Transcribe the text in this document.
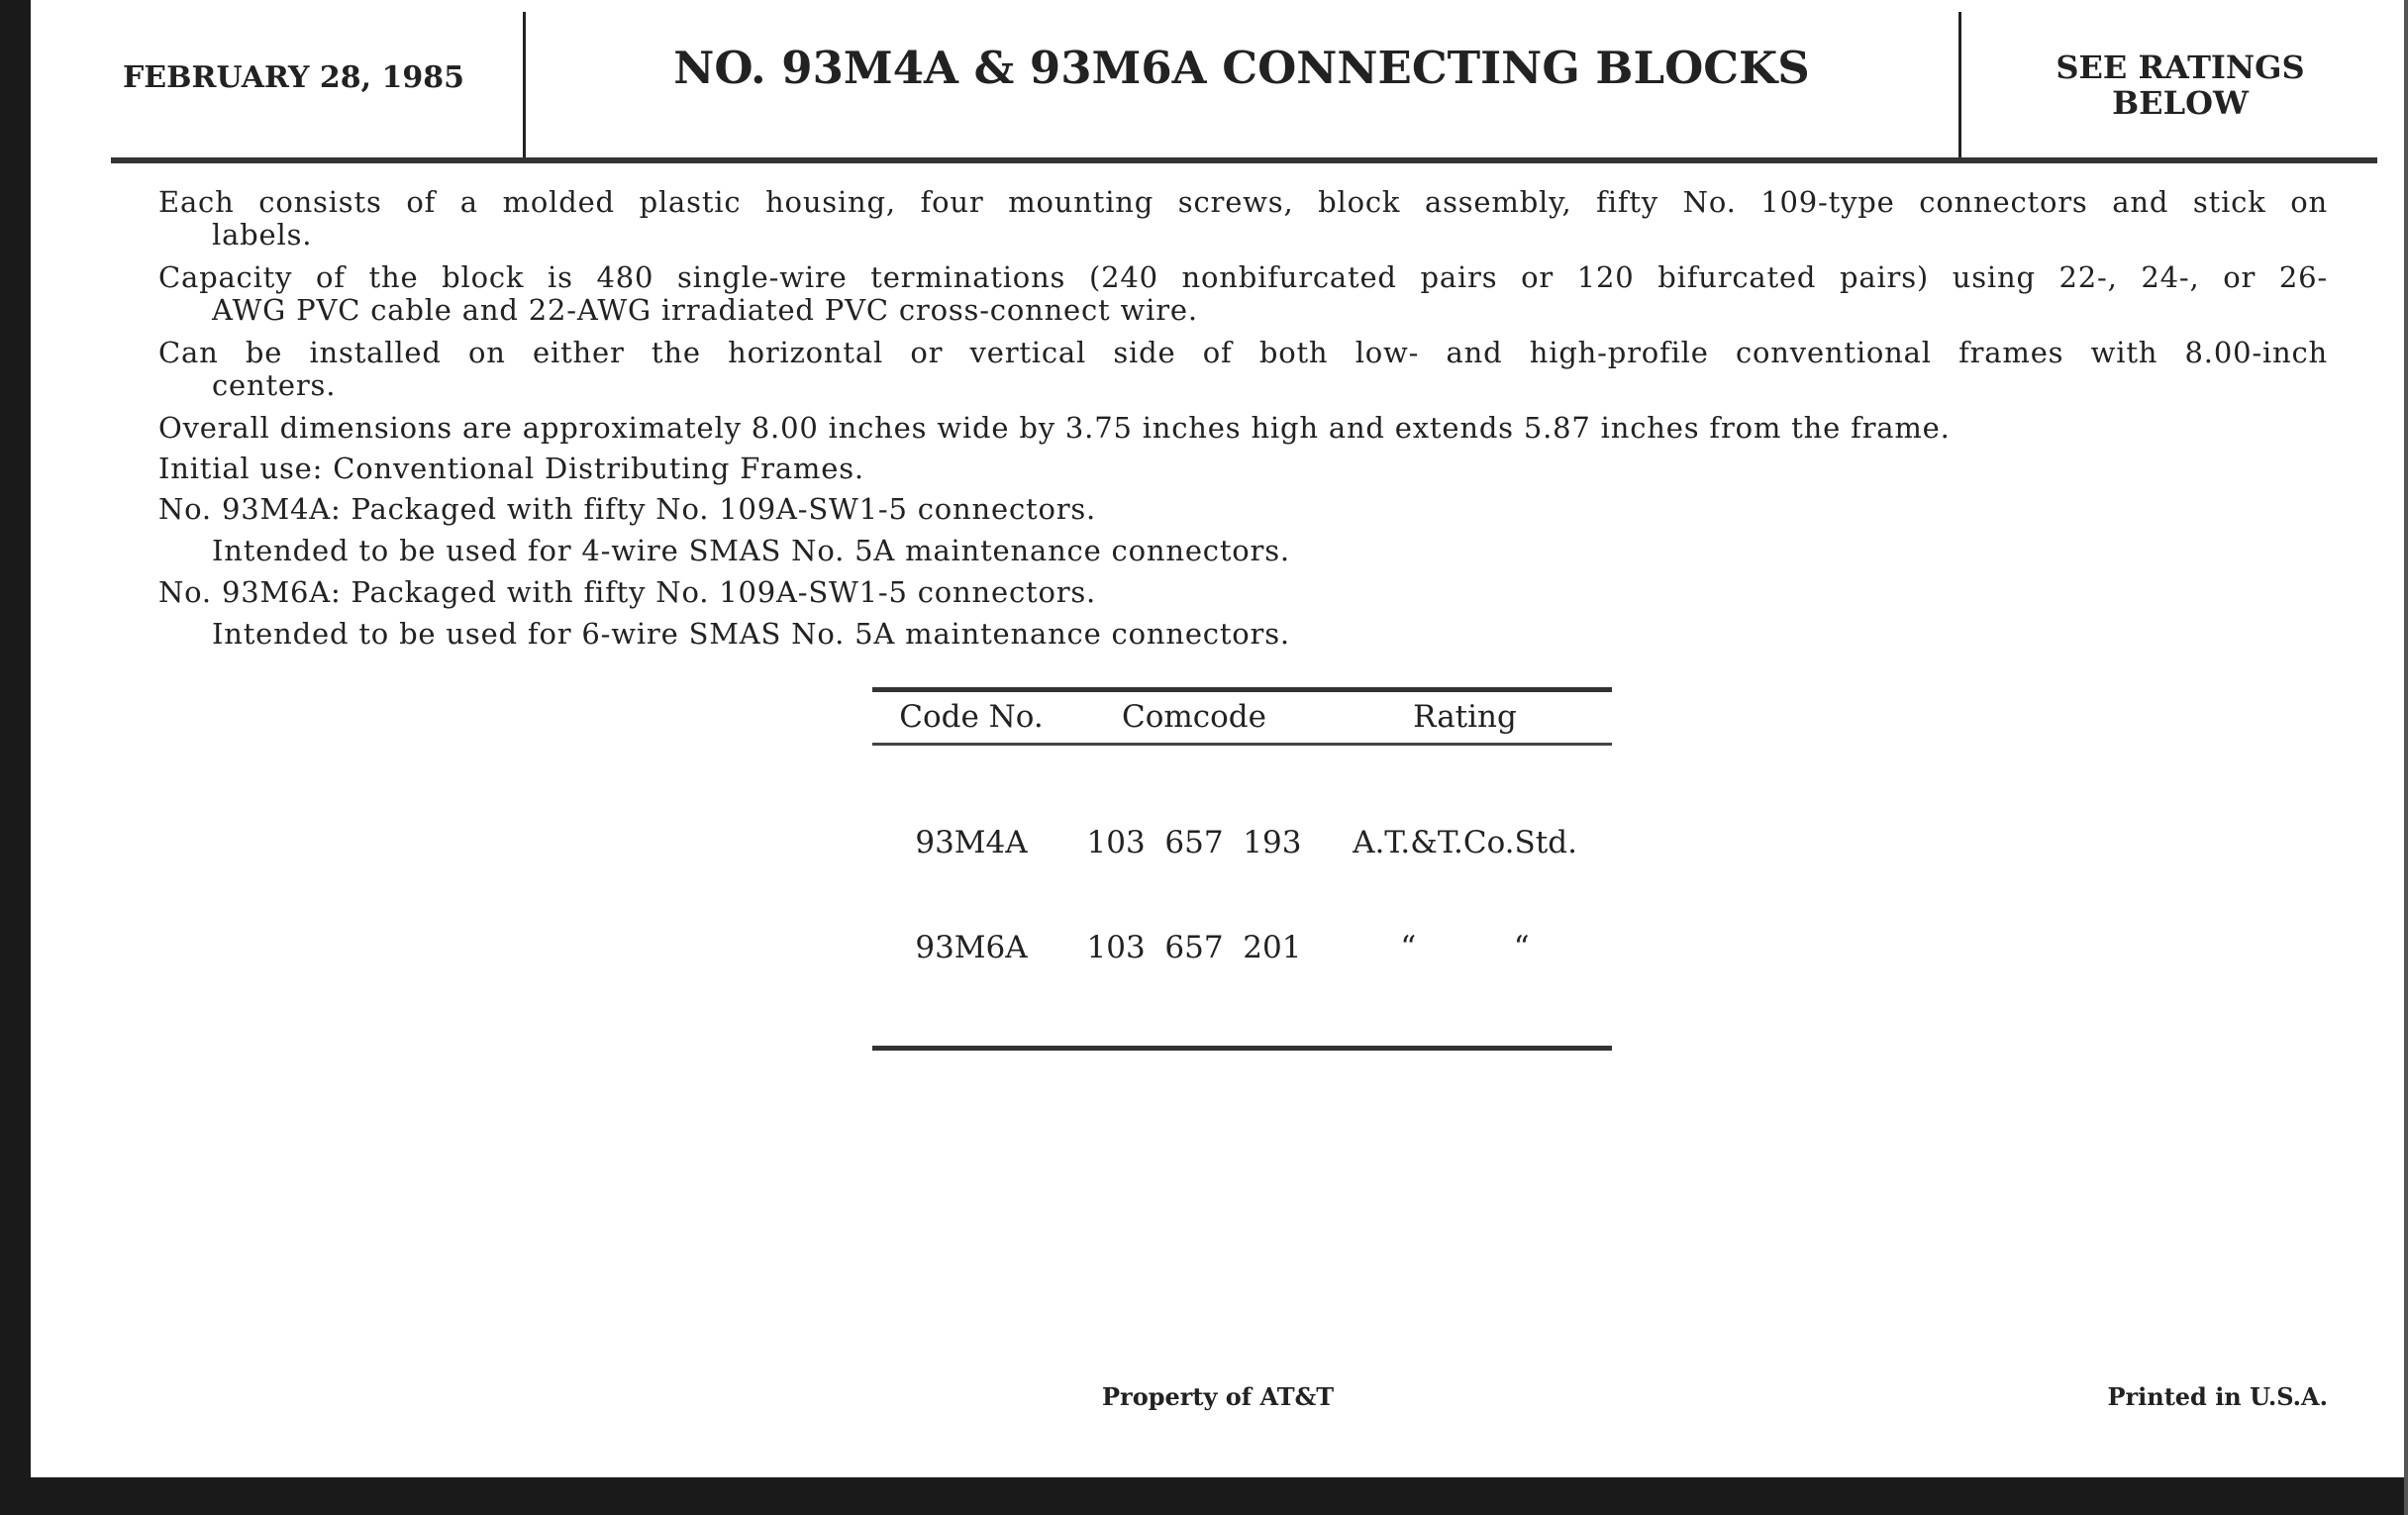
FEBRUARY 28, 1985	NO. 93M4A & 93M6A CONNECTING BLOCKS	SEE RATINGS
BELOW
Each consists of a molded plastic housing, four mounting screws, block assembly, fifty No. 109-type connectors and stick on
labels.
Capacity of the block is 480 single-wire terminations (240 nonbifurcated pairs or 120 bifurcated pairs) using 22-, 24-, or 26-
AWG PVC cable and 22-AWG irradiated PVC cross-connect wire.
Can be installed on either the horizontal or vertical side of both low- and high-profile conventional frames with 8.00-inch
centers.
Overall dimensions are approximately 8.00 inches wide by 3.75 inches high and extends 5.87 inches from the frame.
Initial use: Conventional Distributing Frames.
No. 93M4A: Packaged with fifty No. 109A-SW1-5 connectors.
Intended to be used for 4-wire SMAS No. 5A maintenance connectors.
No. 93M6A: Packaged with fifty No. 109A-SW1-5 connectors.
Intended to be used for 6-wire SMAS No. 5A maintenance connectors.
Code No.	Comcode	Rating

93M4A	103  657  193	A.T.&T.Co.Std.

93M6A	103  657  201	“          “

Property of AT&T	Printed in U.S.A.
